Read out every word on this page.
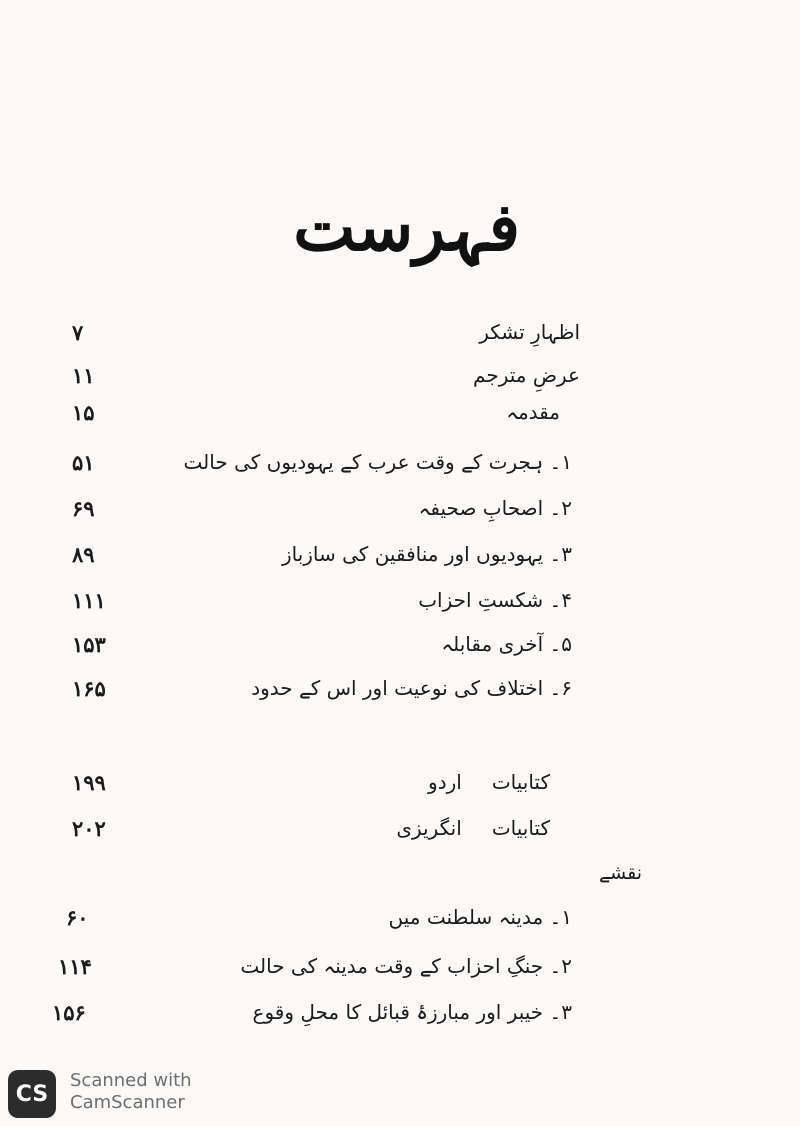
فہرست
۷	اظہارِ تشکر
۱۱	عرضِ مترجم
۱۵	مقدمہ
۵۱	۱۔ ہجرت کے وقت عرب کے یہودیوں کی حالت
۶۹	۲۔ اصحابِ صحیفہ
۸۹	۳۔ یہودیوں اور منافقین کی سازباز
۱۱۱	۴۔ شکستِ احزاب
۱۵۳	۵۔ آخری مقابلہ
۱۶۵	۶۔ اختلاف کی نوعیت اور اس کے حدود
۱۹۹	کتابیاتاردو
۲۰۲	کتابیاتانگریزی
نقشے
۶۰	۱۔ مدینہ سلطنت میں
۱۱۴	۲۔ جنگِ احزاب کے وقت مدینہ کی حالت
۱۵۶	۳۔ خیبر اور مبارزۂ قبائل کا محلِ وقوع
CS
Scanned with
CamScanner
